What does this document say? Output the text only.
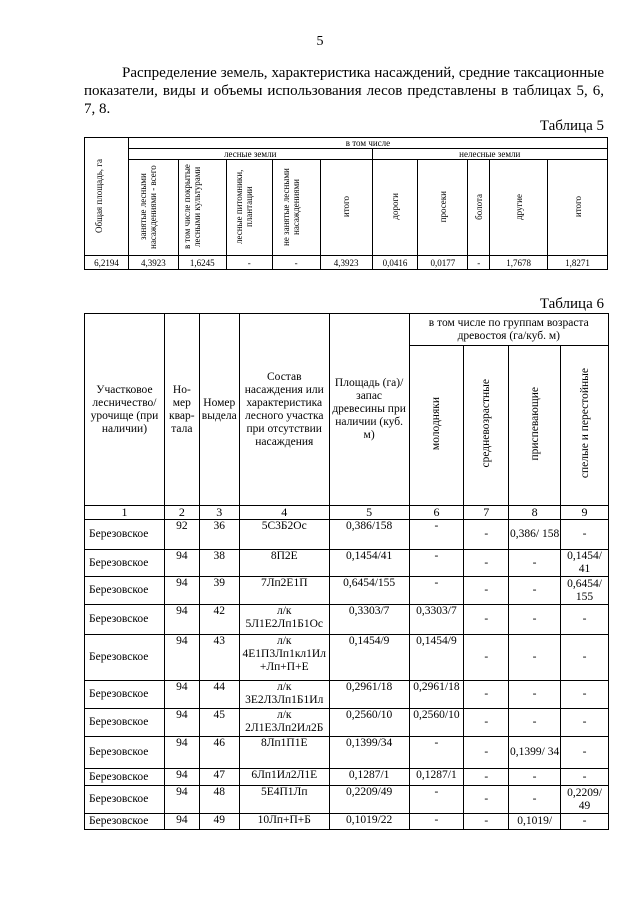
5
Распределение земель, характеристика насаждений, средние таксационные показатели, виды и объемы использования лесов представлены в таблицах 5, 6, 7, 8.
Таблица 5
Общая площадь, га	в том числе									
	лесные земли					нелесные земли				
	занятые лесными насаждениями - всего	в том числе покрытые лесными культурами	лесные питомники, плантации	не занятые лесными насаждениями	итого	дороги	просеки	болота	другие	итого
6,2194	4,3923	1,6245	-	-	4,3923	0,0416	0,0177	-	1,7678	1,8271
Таблица 6
Участковое лесничество/ урочище (при наличии)	Но-мер квар-тала	Номер выдела	Состав насаждения или характеристика лесного участка при отсутствии насаждения	Площадь (га)/запас древесины при наличии (куб. м)	в том числе по группам возраста древостоя (га/куб. м)			
					молодняки	средневозрастные	приспевающие	спелые и перестойные
1	2	3	4	5	6	7	8	9
Березовское	92	36	5С3Б2Ос	0,386/158	-	-	0,386/ 158	-
Березовское	94	38	8П2Е	0,1454/41	-	-	-	0,1454/ 41
Березовское	94	39	7Лп2Е1П	0,6454/155	-	-	-	0,6454/ 155
Березовское	94	42	л/к 5Л1Е2Лп1Б1Ос	0,3303/7	0,3303/7	-	-	-
Березовское	94	43	л/к 4Е1П3Лп1кл1Ил +Лп+П+Е	0,1454/9	0,1454/9	-	-	-
Березовское	94	44	л/к 3Е2Л3Лп1Б1Ил	0,2961/18	0,2961/18	-	-	-
Березовское	94	45	л/к 2Л1Е3Лп2Ил2Б	0,2560/10	0,2560/10	-	-	-
Березовское	94	46	8Лп1П1Е	0,1399/34	-	-	0,1399/ 34	-
Березовское	94	47	6Лп1Ил2Л1Е	0,1287/1	0,1287/1	-	-	-
Березовское	94	48	5Е4П1Лп	0,2209/49	-	-	-	0,2209/ 49
Березовское	94	49	10Лп+П+Б	0,1019/22	-	-	0,1019/	-
